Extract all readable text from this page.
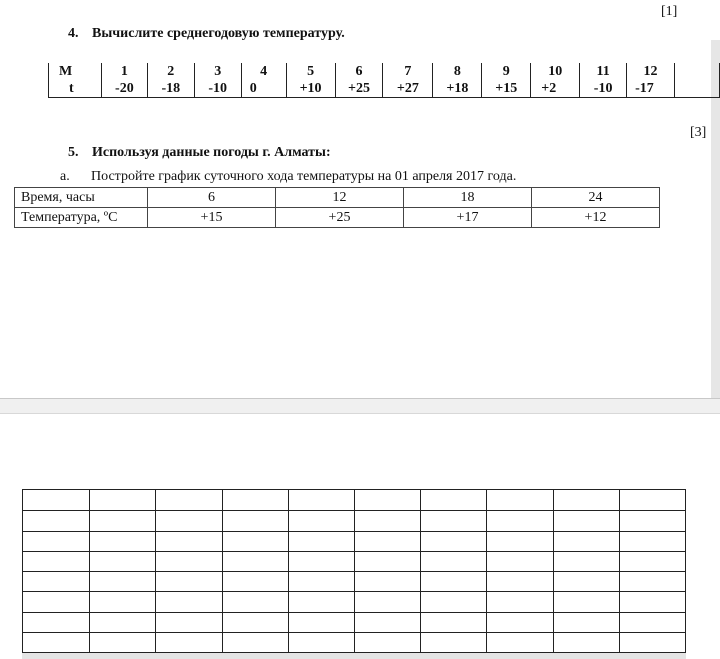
[1]
4. Вычислите среднегодовую температуру.
M	1	2	3	4	5	6	7	8	9	10	11	12	
t	-20	-18	-10	0	+10	+25	+27	+18	+15	+2	-10	-17	
[3]
5. Используя данные погоды г. Алматы:
a. Постройте график суточного хода температуры на 01 апреля 2017 года.
Время, часы	6	12	18	24
Температура, ºС	+15	+25	+17	+12
